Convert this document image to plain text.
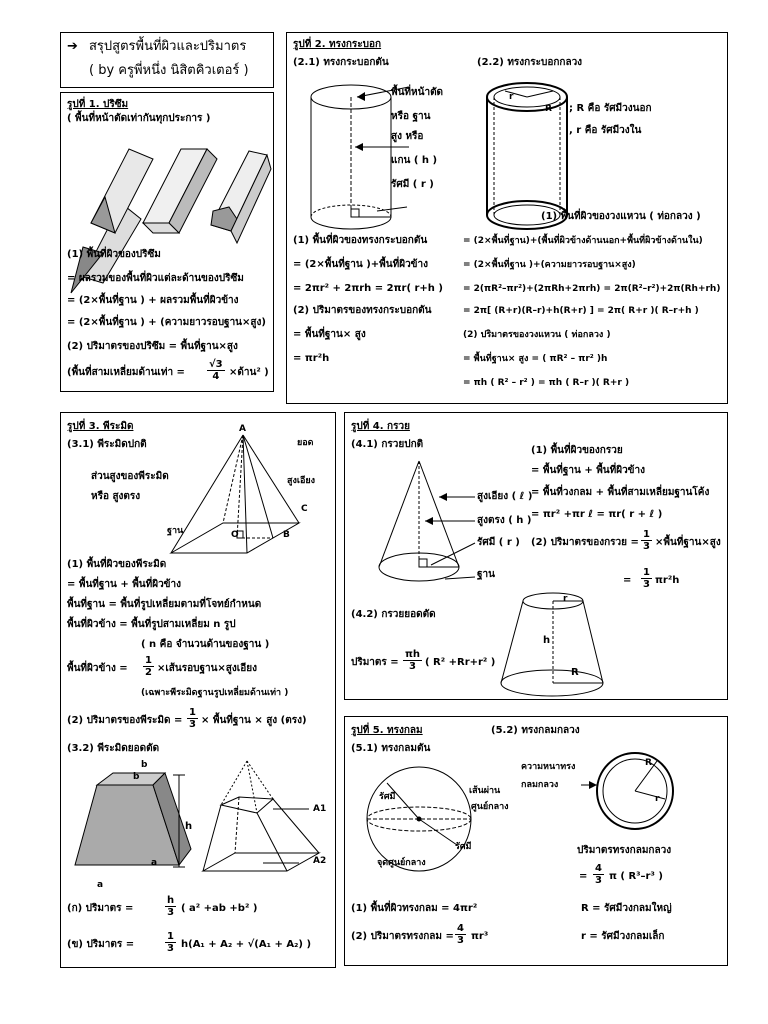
➔ สรุปสูตรพื้นที่ผิวและปริมาตร
( by ครูพี่หนึ่ง นิสิตคิวเตอร์ )
รูปที่ 1. ปริซึม
( พื้นที่หน้าตัดเท่ากันทุกประการ )
(1) พื้นที่ผิวของปริซึม
= ผลรวมของพื้นที่ผิวแต่ละด้านของปริซึม
= (2×พื้นที่ฐาน ) + ผลรวมพื้นที่ผิวข้าง
= (2×พื้นที่ฐาน ) + (ความยาวรอบฐาน×สูง)
(2) ปริมาตรของปริซึม = พื้นที่ฐาน×สูง
(พื้นที่สามเหลี่ยมด้านเท่า = $\frac{√3}{4}$ ×ด้าน² )
รูปที่ 2. ทรงกระบอก
(2.1) ทรงกระบอกตัน	(2.2) ทรงกระบอกกลวง
พื้นที่หน้าตัด
หรือ ฐาน
สูง หรือ
แกน ( h )
รัศมี ( r )
R
r
; R คือ รัศมีวงนอก
, r คือ รัศมีวงใน
(1) พื้นที่ผิวของวงแหวน ( ท่อกลวง )
(1) พื้นที่ผิวของทรงกระบอกตัน
= (2×พื้นที่ฐาน )+พื้นที่ผิวข้าง
= 2πr² + 2πrh = 2πr( r+h )
(2) ปริมาตรของทรงกระบอกตัน
= พื้นที่ฐาน× สูง
= πr²h
= (2×พื้นที่ฐาน)+(พื้นที่ผิวข้างด้านนอก+พื้นที่ผิวข้างด้านใน)
= (2×พื้นที่ฐาน )+(ความยาวรอบฐาน×สูง)
= 2(πR²–πr²)+(2πRh+2πrh) = 2π(R²–r²)+2π(Rh+rh)
= 2π[ (R+r)(R–r)+h(R+r) ] = 2π( R+r )( R–r+h )
(2) ปริมาตรของวงแหวน ( ท่อกลวง )
= พื้นที่ฐาน× สูง = ( πR² – πr² )h
= πh ( R² – r² ) = πh ( R–r )( R+r )
รูปที่ 3. พีระมิด
(3.1) พีระมิดปกติ
A
ยอด
ส่วนสูงของพีระมิด
หรือ สูงตรง
สูงเอียง
C
ฐาน	O	B
(1) พื้นที่ผิวของพีระมิด
= พื้นที่ฐาน + พื้นที่ผิวข้าง
พื้นที่ฐาน = พื้นที่รูปเหลี่ยมตามที่โจทย์กำหนด
พื้นที่ผิวข้าง = พื้นที่รูปสามเหลี่ยม n รูป
( n คือ จำนวนด้านของฐาน )
พื้นที่ผิวข้าง = $\frac{1}{2}$ ×เส้นรอบฐาน×สูงเอียง
(เฉพาะพีระมิดฐานรูปเหลี่ยมด้านเท่า )
(2) ปริมาตรของพีระมิด = $\frac{1}{3}$ × พื้นที่ฐาน × สูง (ตรง)
(3.2) พีระมิดยอดตัด
b
b
a
a
h
A1
A2
(ก) ปริมาตร =	$\frac{h}{3}$ ( a² +ab +b² )
(ข) ปริมาตร =	$\frac{1}{3} h(A_1 + A_2 + √(A_1 + A_2)$ )
รูปที่ 4. กรวย
(4.1) กรวยปกติ
สูงเอียง ( ℓ )
สูงตรง ( h )
รัศมี ( r )
ฐาน
(1) พื้นที่ผิวของกรวย
= พื้นที่ฐาน + พื้นที่ผิวข้าง
= พื้นที่วงกลม + พื้นที่สามเหลี่ยมฐานโค้ง
= πr² +πr ℓ = πr( r + ℓ )
(2) ปริมาตรของกรวย = $\frac{1}{3}$ ×พื้นที่ฐาน×สูง
= $\frac{1}{3} \pi r^2h$
(4.2) กรวยยอดตัด
ปริมาตร = $\frac{\pi h}{3}$ ( R² +Rr+r² )
r
h
R
รูปที่ 5. ทรงกลม	(5.2) ทรงกลมกลวง
(5.1) ทรงกลมตัน
รัศมี
เส้นผ่าน
ศูนย์กลาง
รัศมี
จุดศูนย์กลาง
ความหนาทรง
กลมกลวง
R
r
ปริมาตรทรงกลมกลวง
= $\frac{4}{3}$ π ( R³–r³ )
(1) พื้นที่ผิวทรงกลม = 4πr²
(2) ปริมาตรทรงกลม = $\frac{4}{3} \pi r^3$
R = รัศมีวงกลมใหญ่
r = รัศมีวงกลมเล็ก
